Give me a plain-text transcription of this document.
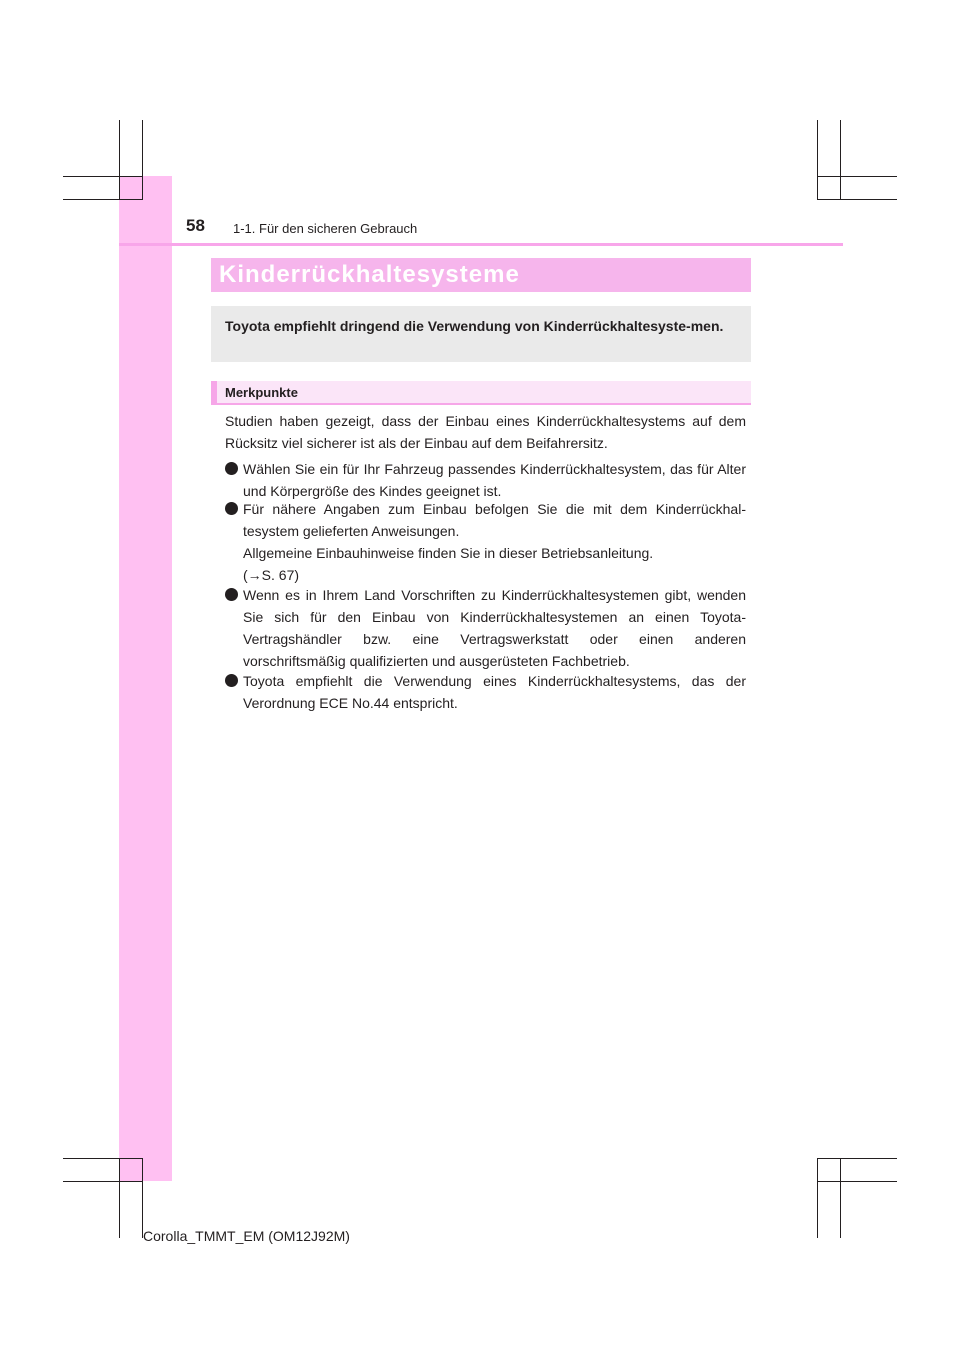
58 1-1. Für den sicheren Gebrauch
Kinderrückhaltesysteme
Toyota empfiehlt dringend die Verwendung von Kinderrückhaltesyste-men.
Merkpunkte
Studien haben gezeigt, dass der Einbau eines Kinderrückhaltesystems auf dem Rücksitz viel sicherer ist als der Einbau auf dem Beifahrersitz.
Wählen Sie ein für Ihr Fahrzeug passendes Kinderrückhaltesystem, das für Alter und Körpergröße des Kindes geeignet ist.
Für nähere Angaben zum Einbau befolgen Sie die mit dem Kinderrückhal-tesystem gelieferten Anweisungen.
Allgemeine Einbauhinweise finden Sie in dieser Betriebsanleitung.
(→S. 67)
Wenn es in Ihrem Land Vorschriften zu Kinderrückhaltesystemen gibt, wenden Sie sich für den Einbau von Kinderrückhaltesystemen an einen Toyota-Vertragshändler bzw. eine Vertragswerkstatt oder einen anderen vorschriftsmäßig qualifizierten und ausgerüsteten Fachbetrieb.
Toyota empfiehlt die Verwendung eines Kinderrückhaltesystems, das der Verordnung ECE No.44 entspricht.
Corolla_TMMT_EM (OM12J92M)
